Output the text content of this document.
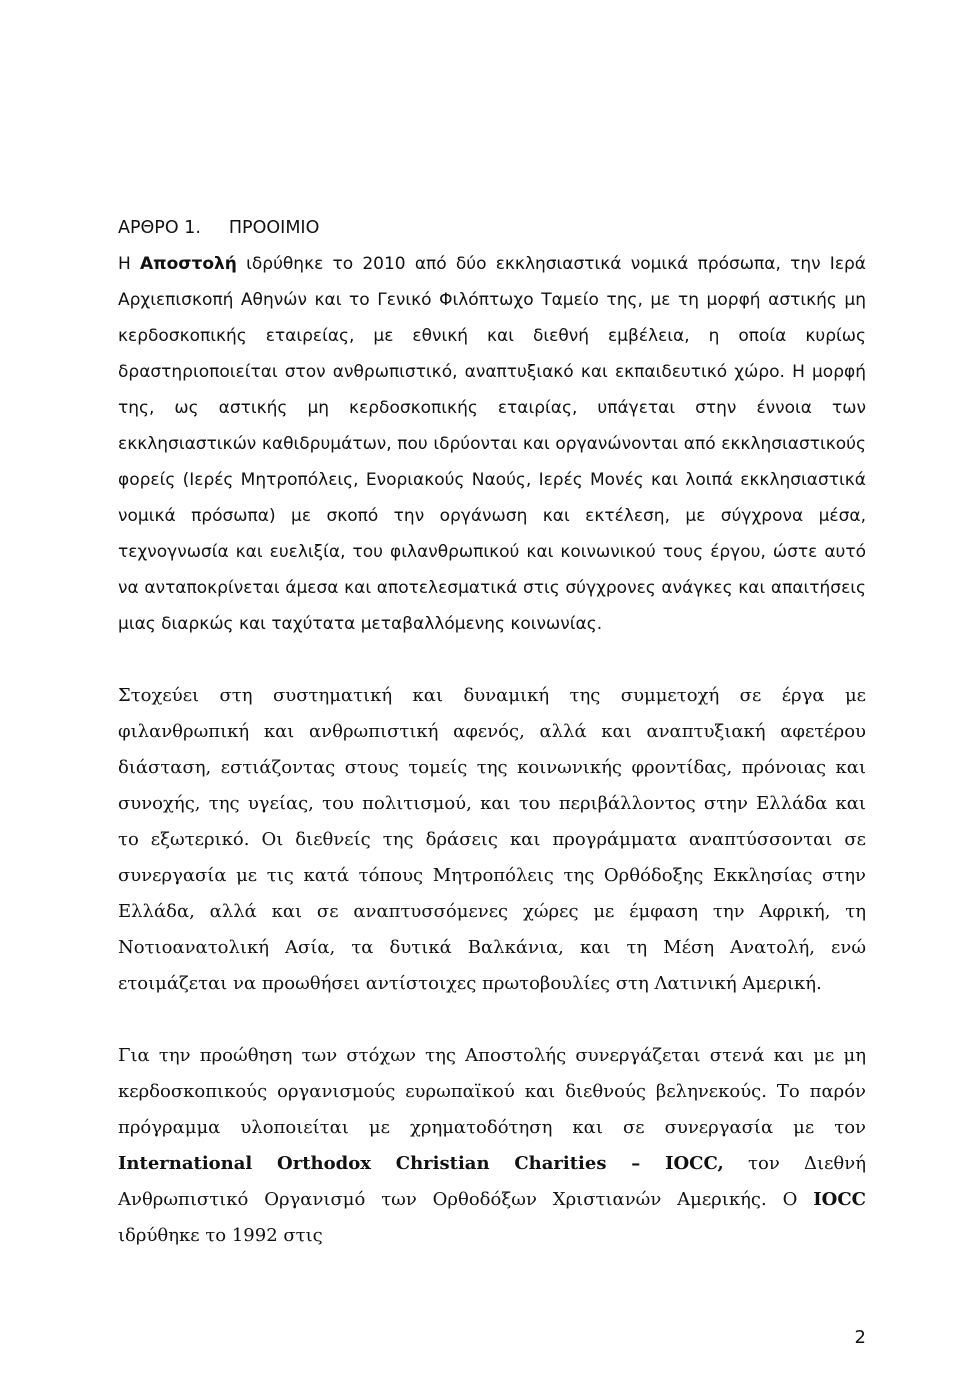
ΑΡΘΡΟ 1. ΠΡΟΟΙΜΙΟ

Η Αποστολή ιδρύθηκε το 2010 από δύο εκκλησιαστικά νομικά πρόσωπα, την Ιερά Αρχιεπισκοπή Αθηνών και το Γενικό Φιλόπτωχο Ταμείο της, με τη μορφή αστικής μη κερδοσκοπικής εταιρείας, με εθνική και διεθνή εμβέλεια, η οποία κυρίως δραστηριοποιείται στον ανθρωπιστικό, αναπτυξιακό και εκπαιδευτικό χώρο. Η μορφή της, ως αστικής μη κερδοσκοπικής εταιρίας, υπάγεται στην έννοια των εκκλησιαστικών καθιδρυμάτων, που ιδρύονται και οργανώνονται από εκκλησιαστικούς φορείς (Ιερές Μητροπόλεις, Ενοριακούς Ναούς, Ιερές Μονές και λοιπά εκκλησιαστικά νομικά πρόσωπα) με σκοπό την οργάνωση και εκτέλεση, με σύγχρονα μέσα, τεχνογνωσία και ευελιξία, του φιλανθρωπικού και κοινωνικού τους έργου, ώστε αυτό να ανταποκρίνεται άμεσα και αποτελεσματικά στις σύγχρονες ανάγκες και απαιτήσεις μιας διαρκώς και ταχύτατα μεταβαλλόμενης κοινωνίας.

Στοχεύει στη συστηματική και δυναμική της συμμετοχή σε έργα με φιλανθρωπική και ανθρωπιστική αφενός, αλλά και αναπτυξιακή αφετέρου διάσταση, εστιάζοντας στους τομείς της κοινωνικής φροντίδας, πρόνοιας και συνοχής, της υγείας, του πολιτισμού, και του περιβάλλοντος στην Ελλάδα και το εξωτερικό. Οι διεθνείς της δράσεις και προγράμματα αναπτύσσονται σε συνεργασία με τις κατά τόπους Μητροπόλεις της Ορθόδοξης Εκκλησίας στην Ελλάδα, αλλά και σε αναπτυσσόμενες χώρες με έμφαση την Αφρική, τη Νοτιοανατολική Ασία, τα δυτικά Βαλκάνια, και τη Μέση Ανατολή, ενώ ετοιμάζεται να προωθήσει αντίστοιχες πρωτοβουλίες στη Λατινική Αμερική.

Για την προώθηση των στόχων της Αποστολής συνεργάζεται στενά και με μη κερδοσκοπικούς οργανισμούς ευρωπαϊκού και διεθνούς βεληνεκούς. Το παρόν πρόγραμμα υλοποιείται με χρηματοδότηση και σε συνεργασία με τον International Orthodox Christian Charities – IOCC, τον Διεθνή Ανθρωπιστικό Οργανισμό των Ορθοδόξων Χριστιανών Αμερικής. Ο IOCC ιδρύθηκε το 1992 στις

2
